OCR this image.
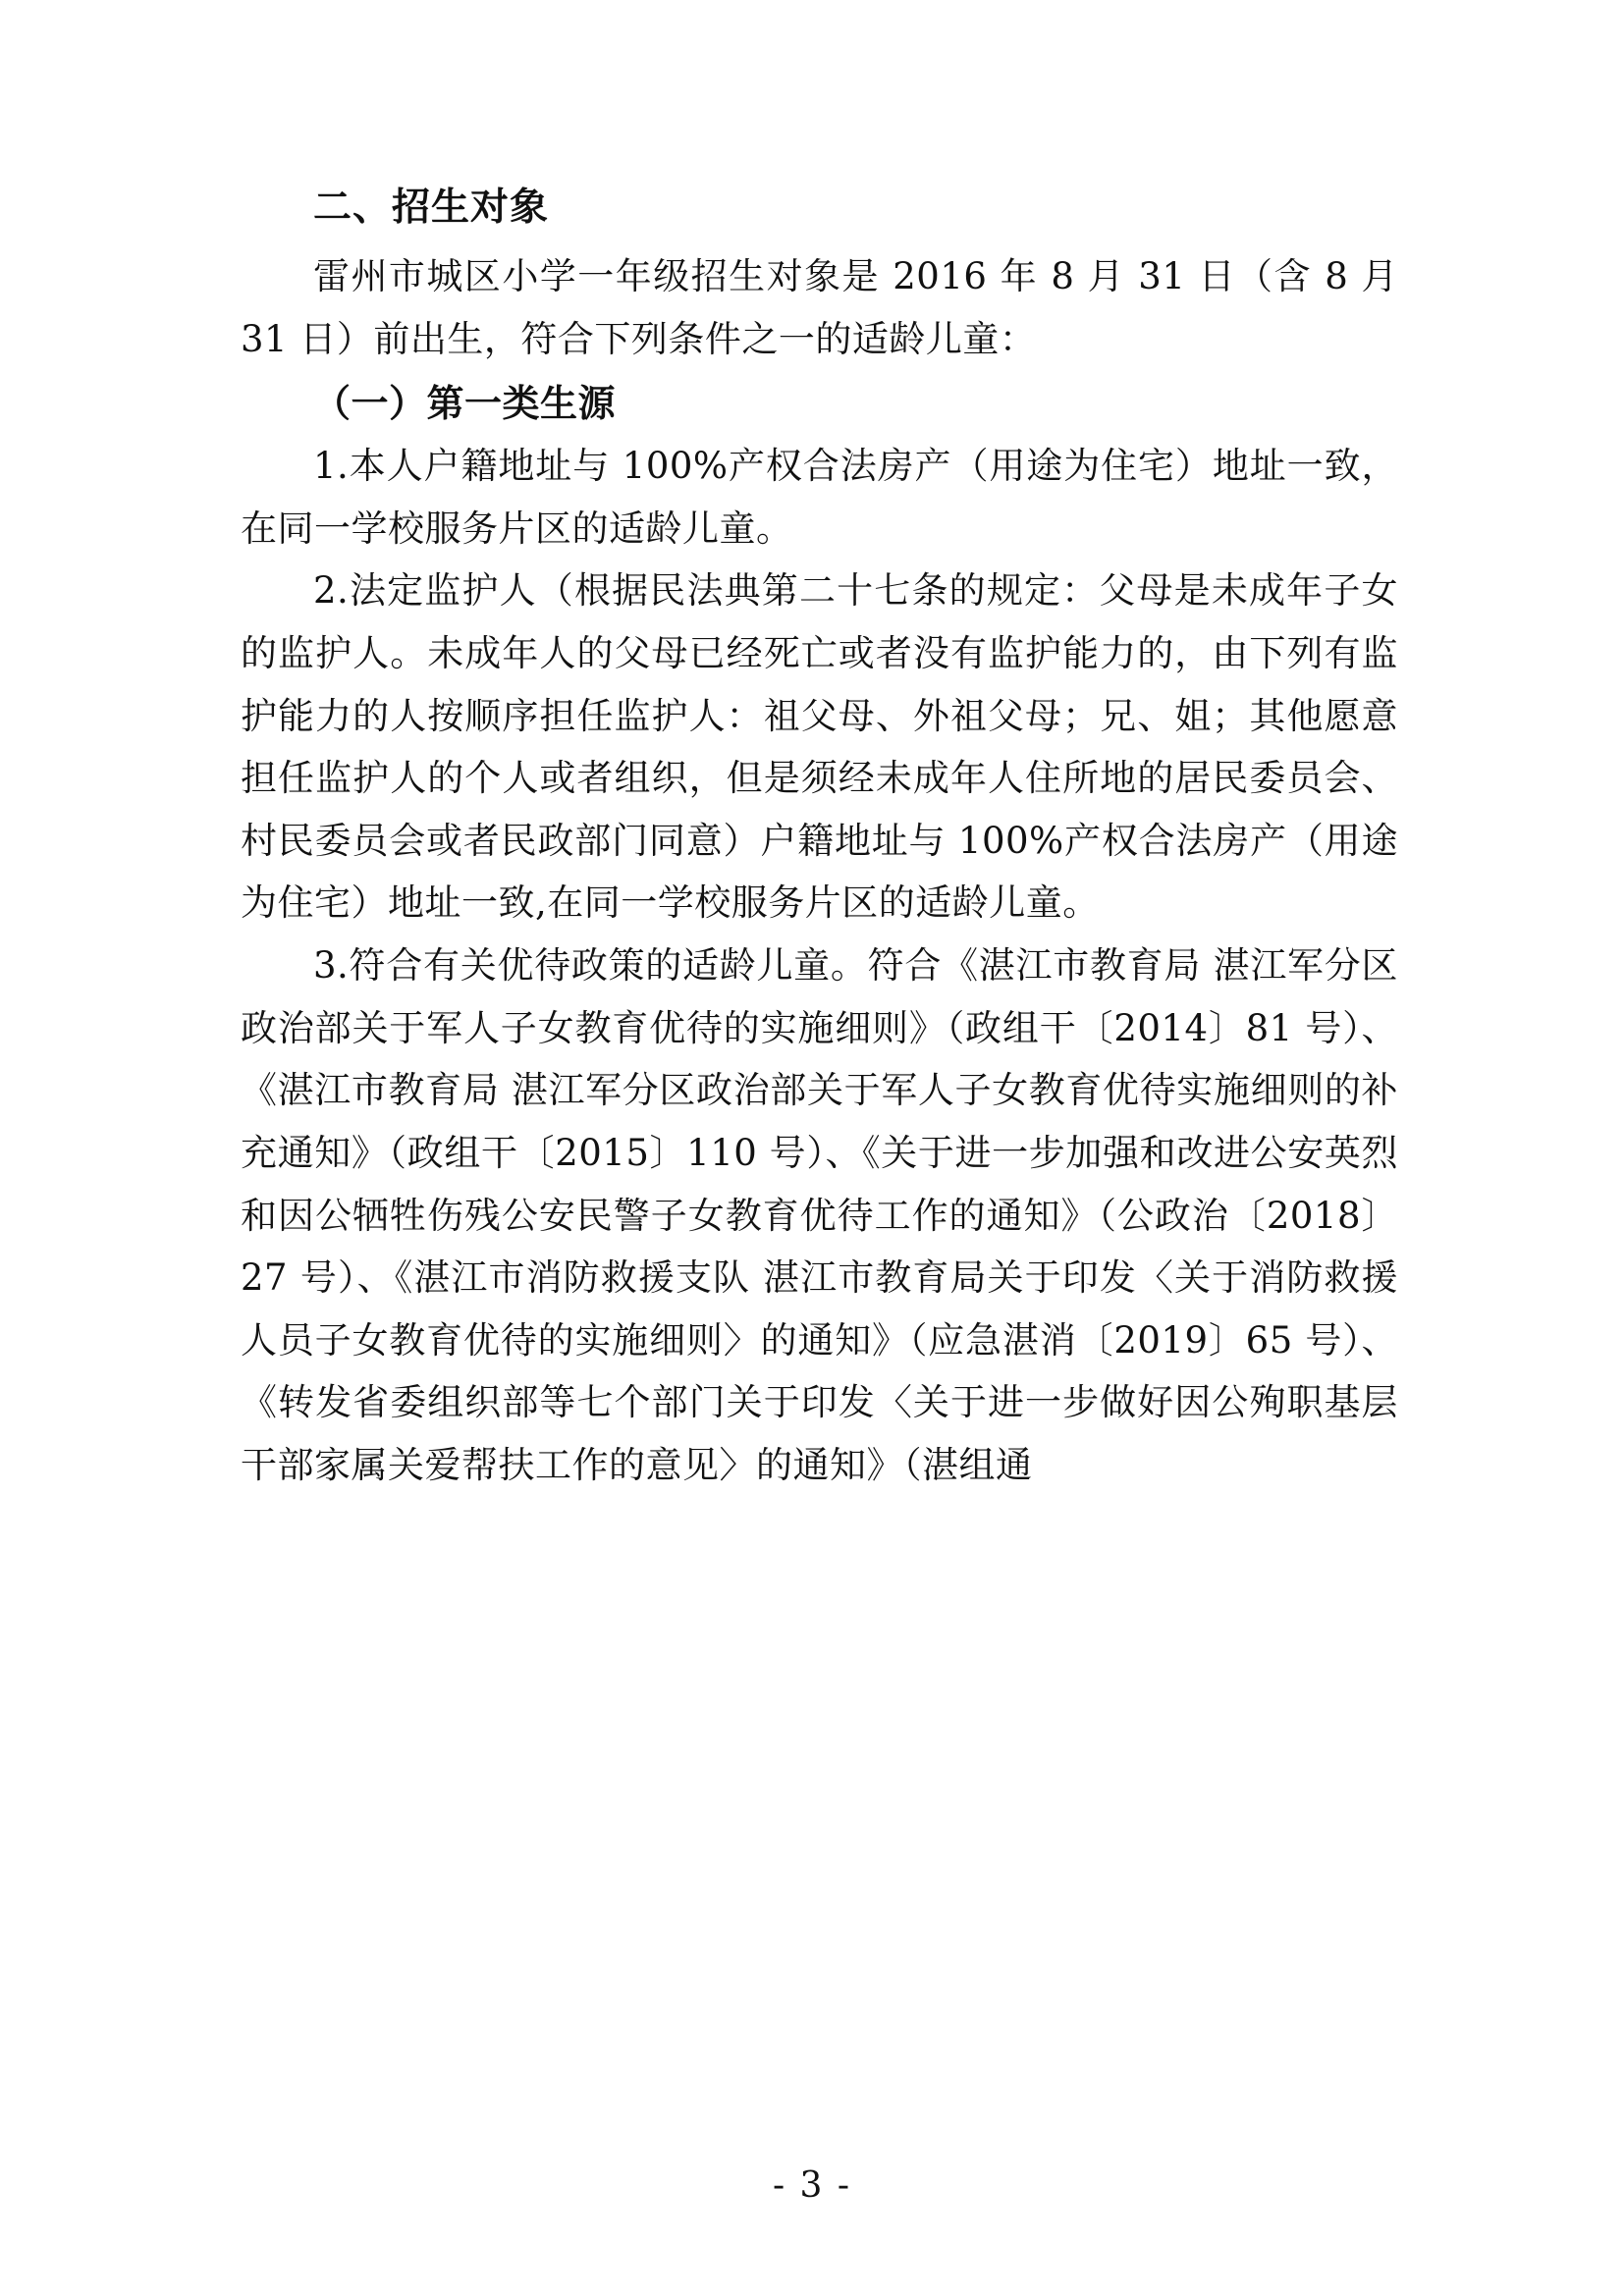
二、招生对象

雷州市城区小学一年级招生对象是 2016 年 8 月 31 日（含 8 月 31 日）前出生，符合下列条件之一的适龄儿童：

（一）第一类生源

1.本人户籍地址与 100%产权合法房产（用途为住宅）地址一致，在同一学校服务片区的适龄儿童。

2.法定监护人（根据民法典第二十七条的规定：父母是未成年子女的监护人。未成年人的父母已经死亡或者没有监护能力的，由下列有监护能力的人按顺序担任监护人：祖父母、外祖父母；兄、姐；其他愿意担任监护人的个人或者组织，但是须经未成年人住所地的居民委员会、村民委员会或者民政部门同意）户籍地址与 100%产权合法房产（用途为住宅）地址一致,在同一学校服务片区的适龄儿童。

3.符合有关优待政策的适龄儿童。符合《湛江市教育局 湛江军分区政治部关于军人子女教育优待的实施细则》（政组干〔2014〕81 号）、《湛江市教育局 湛江军分区政治部关于军人子女教育优待实施细则的补充通知》（政组干〔2015〕110 号）、《关于进一步加强和改进公安英烈和因公牺牲伤残公安民警子女教育优待工作的通知》（公政治〔2018〕27 号）、《湛江市消防救援支队 湛江市教育局关于印发〈关于消防救援人员子女教育优待的实施细则〉的通知》（应急湛消〔2019〕65 号）、《转发省委组织部等七个部门关于印发〈关于进一步做好因公殉职基层干部家属关爱帮扶工作的意见〉的通知》（湛组通

- 3 -
